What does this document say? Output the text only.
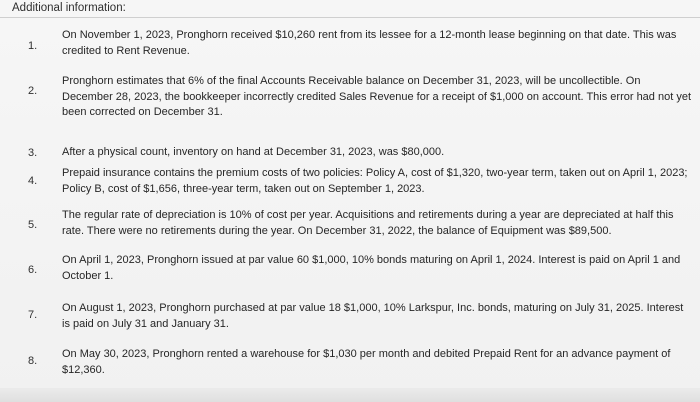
Additional information:
1.
On November 1, 2023, Pronghorn received $10,260 rent from its lessee for a 12-month lease beginning on that date. This was credited to Rent Revenue.
2.
Pronghorn estimates that 6% of the final Accounts Receivable balance on December 31, 2023, will be uncollectible. On December 28, 2023, the bookkeeper incorrectly credited Sales Revenue for a receipt of $1,000 on account. This error had not yet been corrected on December 31.
3. After a physical count, inventory on hand at December 31, 2023, was $80,000.
4.
Prepaid insurance contains the premium costs of two policies: Policy A, cost of $1,320, two-year term, taken out on April 1, 2023; Policy B, cost of $1,656, three-year term, taken out on September 1, 2023.
5.
The regular rate of depreciation is 10% of cost per year. Acquisitions and retirements during a year are depreciated at half this rate. There were no retirements during the year. On December 31, 2022, the balance of Equipment was $89,500.
6.
On April 1, 2023, Pronghorn issued at par value 60 $1,000, 10% bonds maturing on April 1, 2024. Interest is paid on April 1 and October 1.
7.
On August 1, 2023, Pronghorn purchased at par value 18 $1,000, 10% Larkspur, Inc. bonds, maturing on July 31, 2025. Interest is paid on July 31 and January 31.
8.
On May 30, 2023, Pronghorn rented a warehouse for $1,030 per month and debited Prepaid Rent for an advance payment of $12,360.
